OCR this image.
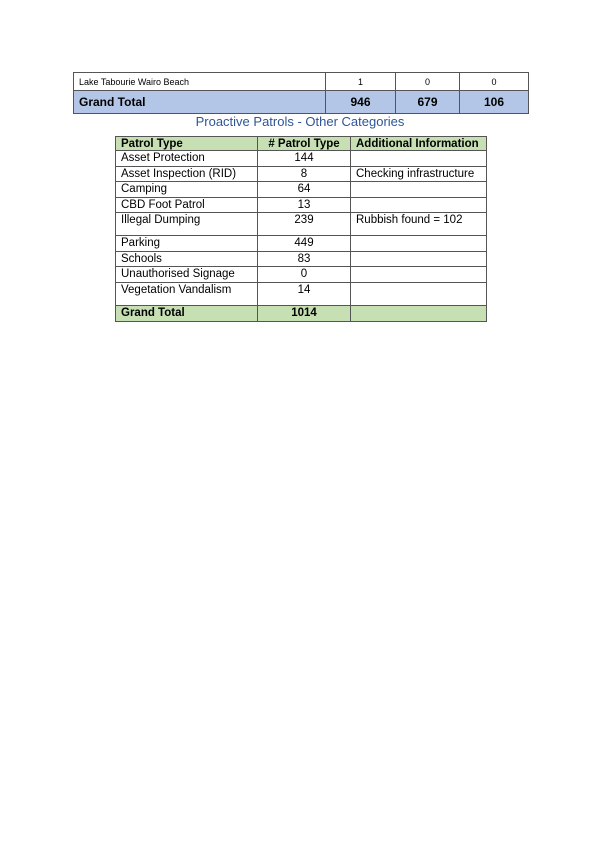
Lake Tabourie Wairo Beach	1	0	0
Grand Total	946	679	106
Proactive Patrols - Other Categories
Patrol Type	# Patrol Type	Additional Information
Asset Protection	144	
Asset Inspection (RID)	8	Checking infrastructure
Camping	64	
CBD Foot Patrol	13	
Illegal Dumping	239	Rubbish found = 102
Parking	449	
Schools	83	
Unauthorised Signage	0	
Vegetation Vandalism	14	
Grand Total	1014	
